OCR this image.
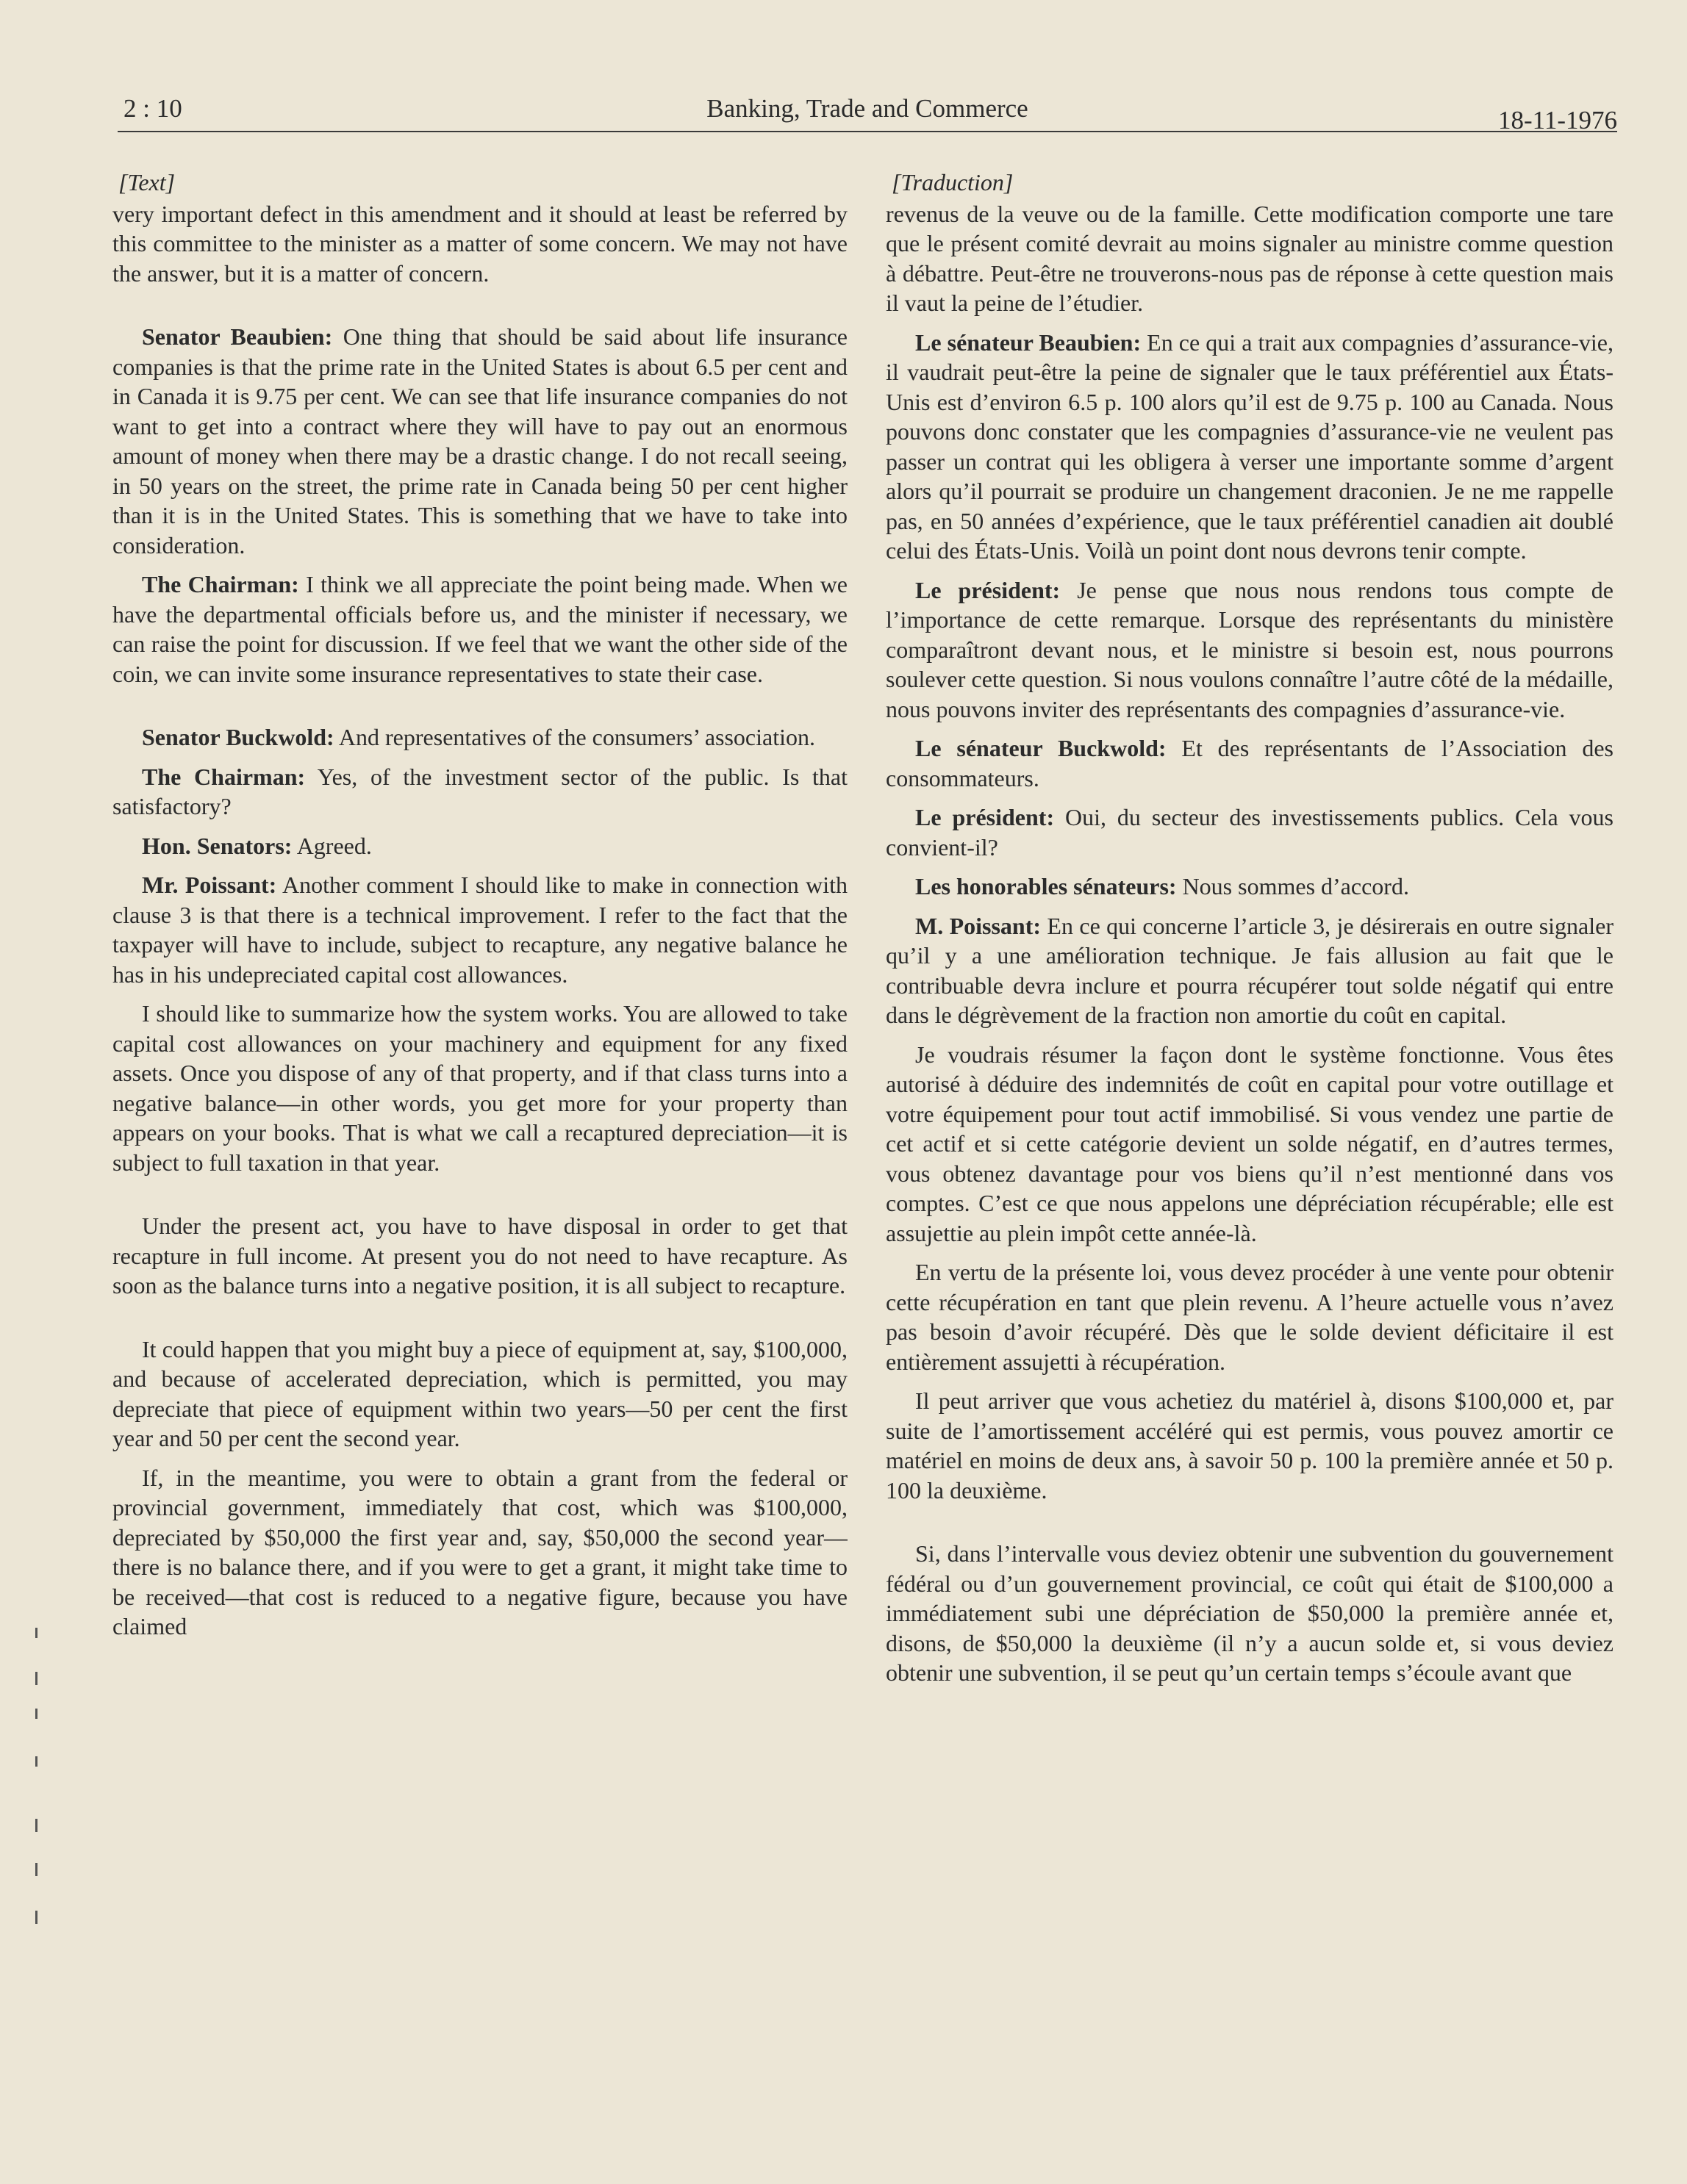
2 : 10	Banking, Trade and Commerce	18-11-1976
[Text]

very important defect in this amendment and it should at least be referred by this committee to the minister as a matter of some concern. We may not have the answer, but it is a matter of concern.

Senator Beaubien: One thing that should be said about life insurance companies is that the prime rate in the United States is about 6.5 per cent and in Canada it is 9.75 per cent. We can see that life insurance companies do not want to get into a contract where they will have to pay out an enormous amount of money when there may be a drastic change. I do not recall seeing, in 50 years on the street, the prime rate in Canada being 50 per cent higher than it is in the United States. This is something that we have to take into consideration.

The Chairman: I think we all appreciate the point being made. When we have the departmental officials before us, and the minister if necessary, we can raise the point for discussion. If we feel that we want the other side of the coin, we can invite some insurance representatives to state their case.

Senator Buckwold: And representatives of the consumers’ association.

The Chairman: Yes, of the investment sector of the public. Is that satisfactory?

Hon. Senators: Agreed.

Mr. Poissant: Another comment I should like to make in connection with clause 3 is that there is a technical improvement. I refer to the fact that the taxpayer will have to include, subject to recapture, any negative balance he has in his undepreciated capital cost allowances.

I should like to summarize how the system works. You are allowed to take capital cost allowances on your machinery and equipment for any fixed assets. Once you dispose of any of that property, and if that class turns into a negative balance—in other words, you get more for your property than appears on your books. That is what we call a recaptured depreciation—it is subject to full taxation in that year.

Under the present act, you have to have disposal in order to get that recapture in full income. At present you do not need to have recapture. As soon as the balance turns into a negative position, it is all subject to recapture.

It could happen that you might buy a piece of equipment at, say, $100,000, and because of accelerated depreciation, which is permitted, you may depreciate that piece of equipment within two years—50 per cent the first year and 50 per cent the second year.

If, in the meantime, you were to obtain a grant from the federal or provincial government, immediately that cost, which was $100,000, depreciated by $50,000 the first year and, say, $50,000 the second year—there is no balance there, and if you were to get a grant, it might take time to be received—that cost is reduced to a negative figure, because you have claimed

[Traduction]

revenus de la veuve ou de la famille. Cette modification comporte une tare que le présent comité devrait au moins signaler au ministre comme question à débattre. Peut-être ne trouverons-nous pas de réponse à cette question mais il vaut la peine de l’étudier.

Le sénateur Beaubien: En ce qui a trait aux compagnies d’assurance-vie, il vaudrait peut-être la peine de signaler que le taux préférentiel aux États-Unis est d’environ 6.5 p. 100 alors qu’il est de 9.75 p. 100 au Canada. Nous pouvons donc constater que les compagnies d’assurance-vie ne veulent pas passer un contrat qui les obligera à verser une importante somme d’argent alors qu’il pourrait se produire un changement draconien. Je ne me rappelle pas, en 50 années d’expérience, que le taux préférentiel canadien ait doublé celui des États-Unis. Voilà un point dont nous devrons tenir compte.

Le président: Je pense que nous nous rendons tous compte de l’importance de cette remarque. Lorsque des représentants du ministère comparaîtront devant nous, et le ministre si besoin est, nous pourrons soulever cette question. Si nous voulons connaître l’autre côté de la médaille, nous pouvons inviter des représentants des compagnies d’assurance-vie.

Le sénateur Buckwold: Et des représentants de l’Association des consommateurs.

Le président: Oui, du secteur des investissements publics. Cela vous convient-il?

Les honorables sénateurs: Nous sommes d’accord.

M. Poissant: En ce qui concerne l’article 3, je désirerais en outre signaler qu’il y a une amélioration technique. Je fais allusion au fait que le contribuable devra inclure et pourra récupérer tout solde négatif qui entre dans le dégrèvement de la fraction non amortie du coût en capital.

Je voudrais résumer la façon dont le système fonctionne. Vous êtes autorisé à déduire des indemnités de coût en capital pour votre outillage et votre équipement pour tout actif immobilisé. Si vous vendez une partie de cet actif et si cette catégorie devient un solde négatif, en d’autres termes, vous obtenez davantage pour vos biens qu’il n’est mentionné dans vos comptes. C’est ce que nous appelons une dépréciation récupérable; elle est assujettie au plein impôt cette année-là.

En vertu de la présente loi, vous devez procéder à une vente pour obtenir cette récupération en tant que plein revenu. A l’heure actuelle vous n’avez pas besoin d’avoir récupéré. Dès que le solde devient déficitaire il est entièrement assujetti à récupération.

Il peut arriver que vous achetiez du matériel à, disons $100,000 et, par suite de l’amortissement accéléré qui est permis, vous pouvez amortir ce matériel en moins de deux ans, à savoir 50 p. 100 la première année et 50 p. 100 la deuxième.

Si, dans l’intervalle vous deviez obtenir une subvention du gouvernement fédéral ou d’un gouvernement provincial, ce coût qui était de $100,000 a immédiatement subi une dépréciation de $50,000 la première année et, disons, de $50,000 la deuxième (il n’y a aucun solde et, si vous deviez obtenir une subvention, il se peut qu’un certain temps s’écoule avant que
